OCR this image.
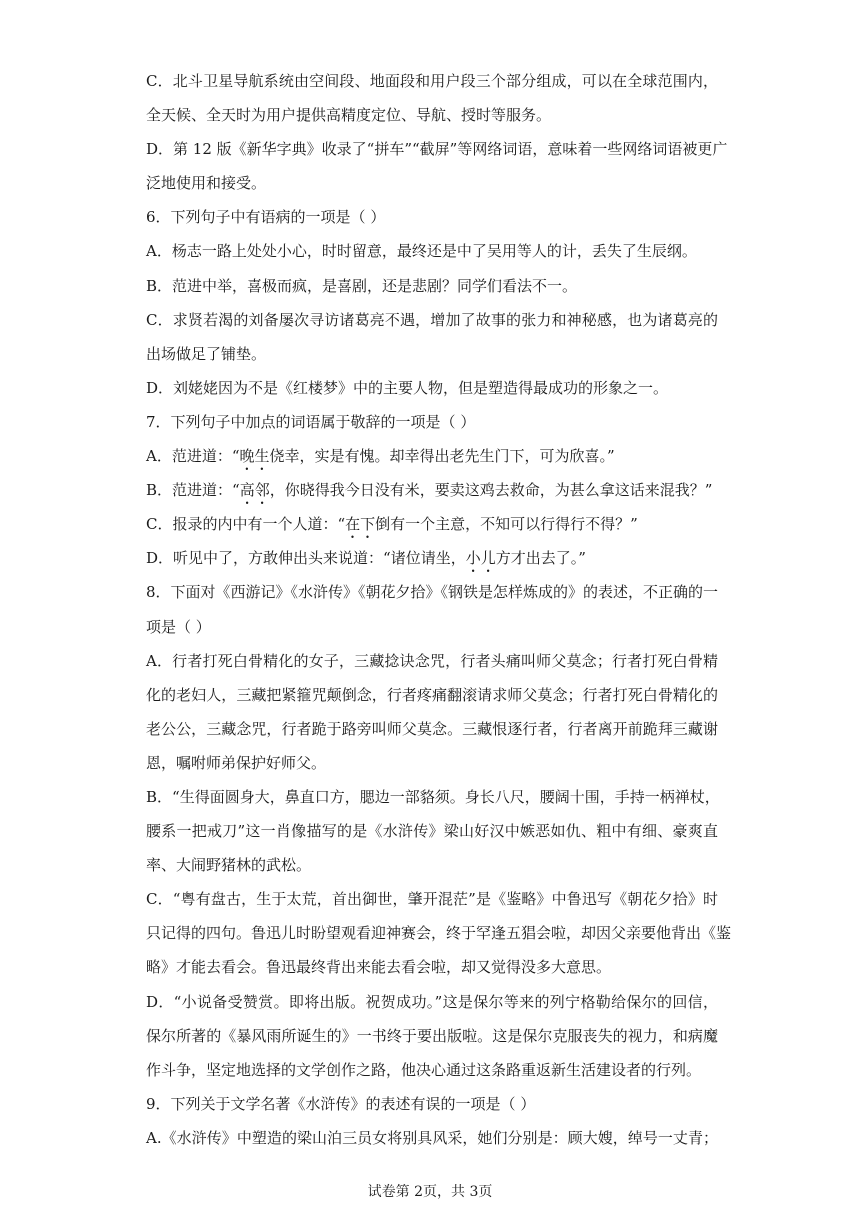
C．北斗卫星导航系统由空间段、地面段和用户段三个部分组成，可以在全球范围内，
全天候、全天时为用户提供高精度定位、导航、授时等服务。
D．第 12 版《新华字典》收录了“拼车”“截屏”等网络词语，意味着一些网络词语被更广
泛地使用和接受。
6．下列句子中有语病的一项是（ ）
A．杨志一路上处处小心，时时留意，最终还是中了吴用等人的计，丢失了生辰纲。
B．范进中举，喜极而疯，是喜剧，还是悲剧？同学们看法不一。
C．求贤若渴的刘备屡次寻访诸葛亮不遇，增加了故事的张力和神秘感，也为诸葛亮的
出场做足了铺垫。
D．刘姥姥因为不是《红楼梦》中的主要人物，但是塑造得最成功的形象之一。
7．下列句子中加点的词语属于敬辞的一项是（ ）
A．范进道：“晚生侥幸，实是有愧。却幸得出老先生门下，可为欣喜。”
B．范进道：“高邻，你晓得我今日没有米，要卖这鸡去救命，为甚么拿这话来混我？”
C．报录的内中有一个人道：“在下倒有一个主意，不知可以行得行不得？”
D．听见中了，方敢伸出头来说道：“诸位请坐，小儿方才出去了。”
8．下面对《西游记》《水浒传》《朝花夕拾》《钢铁是怎样炼成的》的表述，不正确的一
项是（ ）
A．行者打死白骨精化的女子，三藏捻诀念咒，行者头痛叫师父莫念；行者打死白骨精
化的老妇人，三藏把紧箍咒颠倒念，行者疼痛翻滚请求师父莫念；行者打死白骨精化的
老公公，三藏念咒，行者跪于路旁叫师父莫念。三藏恨逐行者，行者离开前跪拜三藏谢
恩，嘱咐师弟保护好师父。
B．“生得面圆身大，鼻直口方，腮边一部貉须。身长八尺，腰阔十围，手持一柄禅杖，
腰系一把戒刀”这一肖像描写的是《水浒传》梁山好汉中嫉恶如仇、粗中有细、豪爽直
率、大闹野猪林的武松。
C．“粤有盘古，生于太荒，首出御世，肇开混茫”是《鉴略》中鲁迅写《朝花夕拾》时
只记得的四句。鲁迅儿时盼望观看迎神赛会，终于罕逢五猖会啦，却因父亲要他背出《鉴
略》才能去看会。鲁迅最终背出来能去看会啦，却又觉得没多大意思。
D．“小说备受赞赏。即将出版。祝贺成功。”这是保尔等来的列宁格勒给保尔的回信，
保尔所著的《暴风雨所诞生的》一书终于要出版啦。这是保尔克服丧失的视力，和病魔
作斗争，坚定地选择的文学创作之路，他决心通过这条路重返新生活建设者的行列。
9．下列关于文学名著《水浒传》的表述有误的一项是（ ）
A.《水浒传》中塑造的梁山泊三员女将别具风采，她们分别是：顾大嫂，绰号一丈青；
试卷第 2页，共 3页
